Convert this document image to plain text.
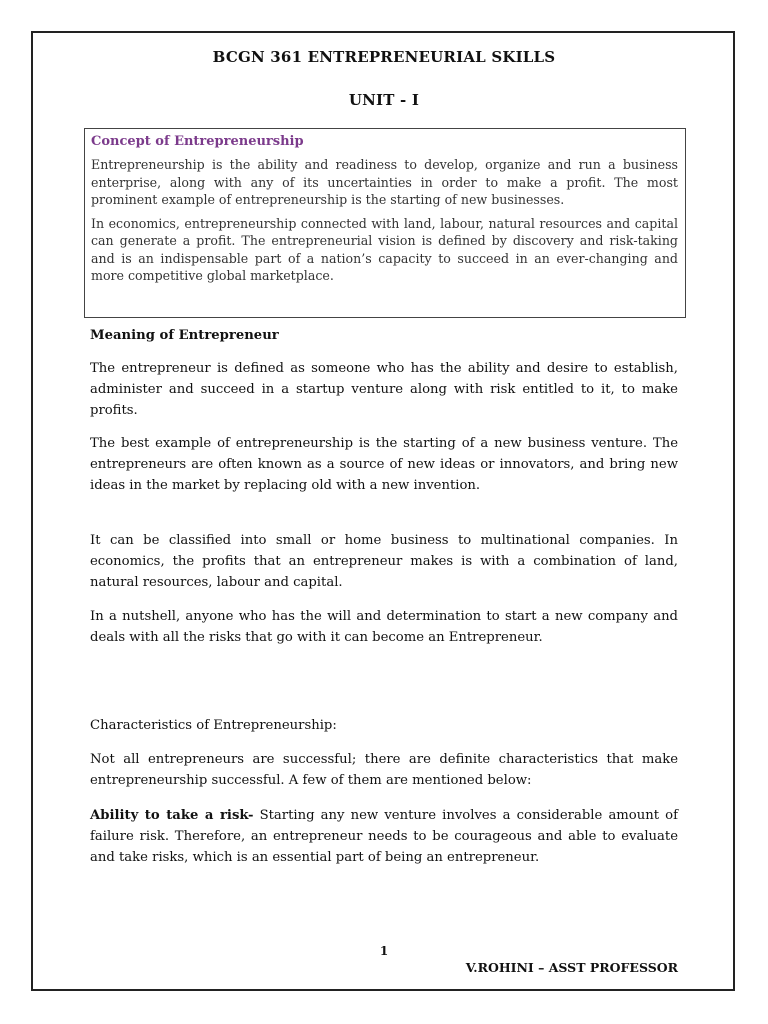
BCGN 361 ENTREPRENEURIAL SKILLS
UNIT - I
Concept of Entrepreneurship

Entrepreneurship is the ability and readiness to develop, organize and run a business enterprise, along with any of its uncertainties in order to make a profit. The most prominent example of entrepreneurship is the starting of new businesses.

In economics, entrepreneurship connected with land, labour, natural resources and capital can generate a profit. The entrepreneurial vision is defined by discovery and risk-taking and is an indispensable part of a nation’s capacity to succeed in an ever-changing and more competitive global marketplace.

Meaning of Entrepreneur

The entrepreneur is defined as someone who has the ability and desire to establish, administer and succeed in a startup venture along with risk entitled to it, to make profits.

The best example of entrepreneurship is the starting of a new business venture. The entrepreneurs are often known as a source of new ideas or innovators, and bring new ideas in the market by replacing old with a new invention.

It can be classified into small or home business to multinational companies. In economics, the profits that an entrepreneur makes is with a combination of land, natural resources, labour and capital.

In a nutshell, anyone who has the will and determination to start a new company and deals with all the risks that go with it can become an Entrepreneur.

Characteristics of Entrepreneurship:

Not all entrepreneurs are successful; there are definite characteristics that make entrepreneurship successful. A few of them are mentioned below:

Ability to take a risk- Starting any new venture involves a considerable amount of failure risk. Therefore, an entrepreneur needs to be courageous and able to evaluate and take risks, which is an essential part of being an entrepreneur.

1
V.ROHINI – ASST PROFESSOR
